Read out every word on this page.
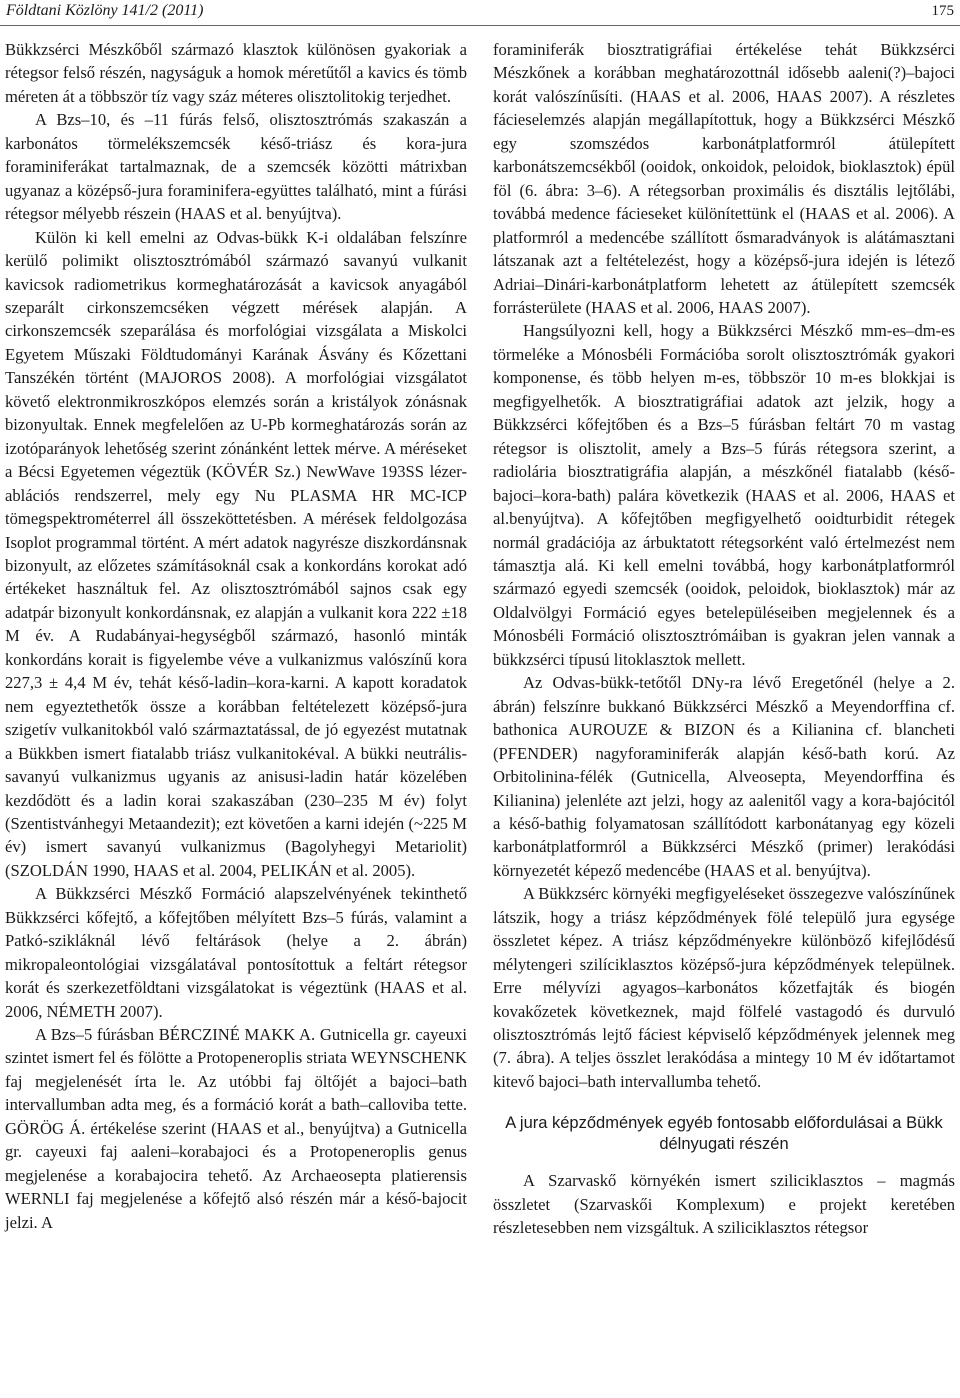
Földtani Közlöny 141/2 (2011)	175

Bükkzsérci Mészkőből származó klasztok különösen gyakoriak a rétegsor felső részén, nagyságuk a homok méretűtől a kavics és tömb méreten át a többször tíz vagy száz méteres olisztolitokig terjedhet.

A Bzs–10, és –11 fúrás felső, olisztosztrómás szakaszán a karbonátos törmelékszemcsék késő-triász és kora-jura foraminiferákat tartalmaznak, de a szemcsék közötti mátrixban ugyanaz a középső-jura foraminifera-együttes található, mint a fúrási rétegsor mélyebb részein (HAAS et al. benyújtva).

Külön ki kell emelni az Odvas-bükk K-i oldalában felszínre kerülő polimikt olisztosztrómából származó savanyú vulkanit kavicsok radiometrikus kormeghatározását a kavicsok anyagából szeparált cirkonszemcséken végzett mérések alapján. A cirkonszemcsék szeparálása és morfológiai vizsgálata a Miskolci Egyetem Műszaki Földtudományi Karának Ásvány és Kőzettani Tanszékén történt (MAJOROS 2008). A morfológiai vizsgálatot követő elektronmikroszkópos elemzés során a kristályok zónásnak bizonyultak. Ennek megfelelően az U-Pb kormeghatározás során az izotóparányok lehetőség szerint zónánként lettek mérve. A méréseket a Bécsi Egyetemen végeztük (KÖVÉR Sz.) NewWave 193SS lézer-ablációs rendszerrel, mely egy Nu PLASMA HR MC-ICP tömegspektrométerrel áll összeköttetésben. A mérések feldolgozása Isoplot programmal történt. A mért adatok nagyrésze diszkordánsnak bizonyult, az előzetes számításoknál csak a konkordáns korokat adó értékeket használtuk fel. Az olisztosztrómából sajnos csak egy adatpár bizonyult konkordánsnak, ez alapján a vulkanit kora 222 ±18 M év. A Rudabányai-hegységből származó, hasonló minták konkordáns korait is figyelembe véve a vulkanizmus valószínű kora 227,3 ± 4,4 M év, tehát késő-ladin–kora-karni. A kapott koradatok nem egyeztethetők össze a korábban feltételezett középső-jura szigetív vulkanitokból való származtatással, de jó egyezést mutatnak a Bükkben ismert fiatalabb triász vulkanitokéval. A bükki neutrális-savanyú vulkanizmus ugyanis az anisusi-ladin határ közelében kezdődött és a ladin korai szakaszában (230–235 M év) folyt (Szentistvánhegyi Metaandezit); ezt követően a karni idején (~225 M év) ismert savanyú vulkanizmus (Bagolyhegyi Metariolit) (SZOLDÁN 1990, HAAS et al. 2004, PELIKÁN et al. 2005).

A Bükkzsérci Mészkő Formáció alapszelvényének tekinthető Bükkzsérci kőfejtő, a kőfejtőben mélyített Bzs–5 fúrás, valamint a Patkó-szikláknál lévő feltárások (helye a 2. ábrán) mikropaleontológiai vizsgálatával pontosítottuk a feltárt rétegsor korát és szerkezetföldtani vizsgálatokat is végeztünk (HAAS et al. 2006, NÉMETH 2007).

A Bzs–5 fúrásban BÉRCZINÉ MAKK A. Gutnicella gr. cayeuxi szintet ismert fel és fölötte a Protopeneroplis striata WEYNSCHENK faj megjelenését írta le. Az utóbbi faj öltőjét a bajoci–bath intervallumban adta meg, és a formáció korát a bath–calloviba tette. GÖRÖG Á. értékelése szerint (HAAS et al., benyújtva) a Gutnicella gr. cayeuxi faj aaleni–korabajoci és a Protopeneroplis genus megjelenése a korabajocira tehető. Az Archaeosepta platierensis WERNLI faj megjelenése a kőfejtő alsó részén már a késő-bajocit jelzi. A

foraminiferák biosztratigráfiai értékelése tehát Bükkzsérci Mészkőnek a korábban meghatározottnál idősebb aaleni(?)–bajoci korát valószínűsíti. (HAAS et al. 2006, HAAS 2007). A részletes fácieselemzés alapján megállapítottuk, hogy a Bükkzsérci Mészkő egy szomszédos karbonátplatformról átülepített karbonátszemcsékből (ooidok, onkoidok, peloidok, bioklasztok) épül föl (6. ábra: 3–6). A rétegsorban proximális és disztális lejtőlábi, továbbá medence fácieseket különítettünk el (HAAS et al. 2006). A platformról a medencébe szállított ősmaradványok is alátámasztani látszanak azt a feltételezést, hogy a középső-jura idején is létező Adriai–Dinári-karbonátplatform lehetett az átülepített szemcsék forrásterülete (HAAS et al. 2006, HAAS 2007).

Hangsúlyozni kell, hogy a Bükkzsérci Mészkő mm-es–dm-es törmeléke a Mónosbéli Formációba sorolt olisztosztrómák gyakori komponense, és több helyen m-es, többször 10 m-es blokkjai is megfigyelhetők. A biosztratigráfiai adatok azt jelzik, hogy a Bükkzsérci kőfejtőben és a Bzs–5 fúrásban feltárt 70 m vastag rétegsor is olisztolit, amely a Bzs–5 fúrás rétegsora szerint, a radiolária biosztratigráfia alapján, a mészkőnél fiatalabb (késő-bajoci–kora-bath) palára következik (HAAS et al. 2006, HAAS et al.benyújtva). A kőfejtőben megfigyelhető ooidturbidit rétegek normál gradációja az árbuktatott rétegsorként való értelmezést nem támasztja alá. Ki kell emelni továbbá, hogy karbonátplatformról származó egyedi szemcsék (ooidok, peloidok, bioklasztok) már az Oldalvölgyi Formáció egyes betelepüléseiben megjelennek és a Mónosbéli Formáció olisztosztrómáiban is gyakran jelen vannak a bükkzsérci típusú litoklasztok mellett.

Az Odvas-bükk-tetőtől DNy-ra lévő Eregetőnél (helye a 2. ábrán) felszínre bukkanó Bükkzsérci Mészkő a Meyendorffina cf. bathonica AUROUZE & BIZON és a Kilianina cf. blancheti (PFENDER) nagyforaminiferák alapján késő-bath korú. Az Orbitolinina-félék (Gutnicella, Alveosepta, Meyendorffina és Kilianina) jelenléte azt jelzi, hogy az aalenitől vagy a kora-bajócitól a késő-bathig folyamatosan szállítódott karbonátanyag egy közeli karbonátplatformról a Bükkzsérci Mészkő (primer) lerakódási környezetét képező medencébe (HAAS et al. benyújtva).

A Bükkzsérc környéki megfigyeléseket összegezve valószínűnek látszik, hogy a triász képződmények fölé települő jura egysége összletet képez. A triász képződményekre különböző kifejlődésű mélytengeri szilíciklasztos középső-jura képződmények települnek. Erre mélyvízi agyagos–karbonátos kőzetfajták és biogén kovakőzetek következnek, majd fölfelé vastagodó és durvuló olisztosztrómás lejtő fáciest képviselő képződmények jelennek meg (7. ábra). A teljes összlet lerakódása a mintegy 10 M év időtartamot kitevő bajoci–bath intervallumba tehető.

A jura képződmények egyéb fontosabb előfordulásai a Bükk délnyugati részén

A Szarvaskő környékén ismert sziliciklasztos – magmás összletet (Szarvaskői Komplexum) e projekt keretében részletesebben nem vizsgáltuk. A sziliciklasztos rétegsor
